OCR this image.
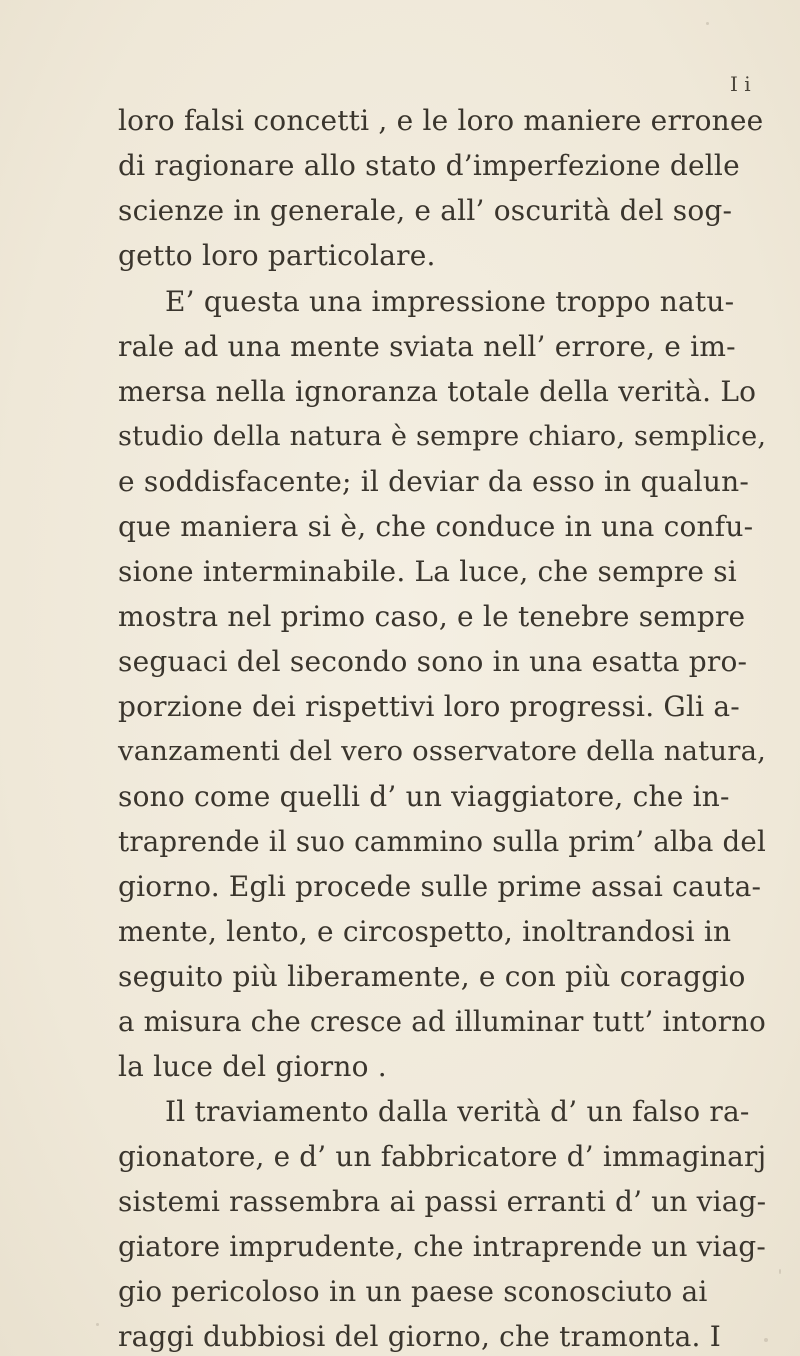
I i
loro falsi concetti , e le loro maniere erronee
di ragionare allo stato d’imperfezione delle
scienze in generale, e all’ oscurità del sog-
getto loro particolare.
E’ questa una impressione troppo natu-
rale ad una mente sviata nell’ errore, e im-
mersa nella ignoranza totale della verità. Lo
studio della natura è sempre chiaro, semplice,
e soddisfacente; il deviar da esso in qualun-
que maniera si è, che conduce in una confu-
sione interminabile. La luce, che sempre si
mostra nel primo caso, e le tenebre sempre
seguaci del secondo sono in una esatta pro-
porzione dei rispettivi loro progressi. Gli a-
vanzamenti del vero osservatore della natura,
sono come quelli d’ un viaggiatore, che in-
traprende il suo cammino sulla prim’ alba del
giorno. Egli procede sulle prime assai cauta-
mente, lento, e circospetto, inoltrandosi in
seguito più liberamente, e con più coraggio
a misura che cresce ad illuminar tutt’ intorno
la luce del giorno .
Il traviamento dalla verità d’ un falso ra-
gionatore, e d’ un fabbricatore d’ immaginarj
sistemi rassembra ai passi erranti d’ un viag-
giatore imprudente, che intraprende un viag-
gio pericoloso in un paese sconosciuto ai
raggi dubbiosi del giorno, che tramonta. I
